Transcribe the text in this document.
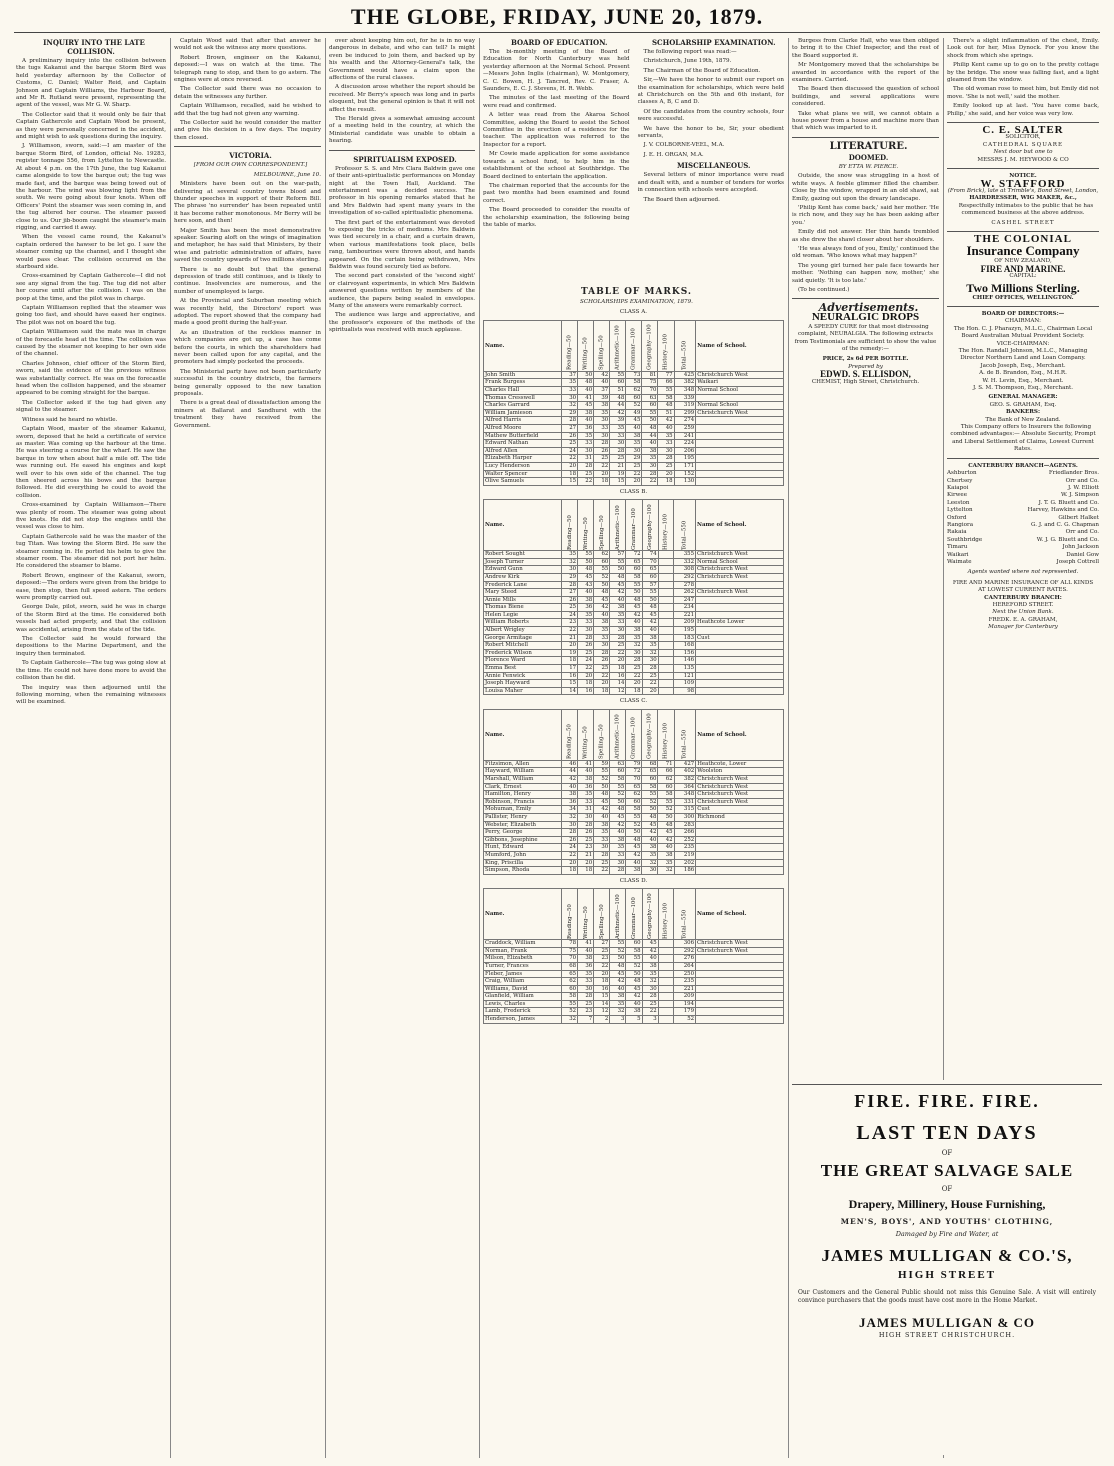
THE GLOBE, FRIDAY, JUNE 20, 1879.

INQUIRY INTO THE LATE COLLISION.

A preliminary inquiry into the collision between the tugs Kakanui and the barque Storm Bird was held yesterday afternoon by the Collector of Customs, C. Daniel; Walter Reid, and Captain Johnson and Captain Williams, the Harbour Board, and Mr R. Rutland were present, representing the agent of the vessel, was Mr G. W. Sharp.

The Collector said that it would only be fair that Captain Gathercole and Captain Wood be present, as they were personally concerned in the accident, and might wish to ask questions during the inquiry.

J. Williamson, sworn, said:—I am master of the barque Storm Bird, of London, official No. 19283, register tonnage 556, from Lyttelton to Newcastle. At about 4 p.m. on the 17th June, the tug Kakanui came alongside to tow the barque out; the tug was made fast, and the barque was being towed out of the harbour. The wind was blowing light from the south. We were going about four knots. When off Officers' Point the steamer was seen coming in, and the tug altered her course. The steamer passed close to us. Our jib-boom caught the steamer's main rigging, and carried it away.

When the vessel came round, the Kakanui's captain ordered the hawser to be let go. I saw the steamer coming up the channel, and I thought she would pass clear. The collision occurred on the starboard side.

Cross-examined by Captain Gathercole—I did not see any signal from the tug. The tug did not alter her course until after the collision. I was on the poop at the time, and the pilot was in charge.

Captain Williamson replied that the steamer was going too fast, and should have eased her engines. The pilot was not on board the tug.

Captain Williamson said the mate was in charge of the forecastle head at the time. The collision was caused by the steamer not keeping to her own side of the channel.

Charles Johnson, chief officer of the Storm Bird, sworn, said the evidence of the previous witness was substantially correct. He was on the forecastle head when the collision happened, and the steamer appeared to be coming straight for the barque.

The Collector asked if the tug had given any signal to the steamer.

Witness said he heard no whistle.

Captain Wood, master of the steamer Kakanui, sworn, deposed that he held a certificate of service as master. Was coming up the harbour at the time. He was steering a course for the wharf. He saw the barque in tow when about half a mile off. The tide was running out. He eased his engines and kept well over to his own side of the channel. The tug then sheered across his bows and the barque followed. He did everything he could to avoid the collision.

Cross-examined by Captain Williamson—There was plenty of room. The steamer was going about five knots. He did not stop the engines until the vessel was close to him.

Captain Gathercole said he was the master of the tug Titan. Was towing the Storm Bird. He saw the steamer coming in. He ported his helm to give the steamer room. The steamer did not port her helm. He considered the steamer to blame.

Robert Brown, engineer of the Kakanui, sworn, deposed:—The orders were given from the bridge to ease, then stop, then full speed astern. The orders were promptly carried out.

George Dale, pilot, sworn, said he was in charge of the Storm Bird at the time. He considered both vessels had acted properly, and that the collision was accidental, arising from the state of the tide.

The Collector said he would forward the depositions to the Marine Department, and the inquiry then terminated.

To Captain Gathercole—The tug was going slow at the time. He could not have done more to avoid the collision than he did.

The inquiry was then adjourned until the following morning, when the remaining witnesses will be examined.

Captain Wood said that after that answer he would not ask the witness any more questions.

Robert Brown, engineer on the Kakanui, deposed:—I was on watch at the time. The telegraph rang to stop, and then to go astern. The engines were at once reversed.

The Collector said there was no occasion to detain the witnesses any further.

Captain Williamson, recalled, said he wished to add that the tug had not given any warning.

The Collector said he would consider the matter and give his decision in a few days. The inquiry then closed.

VICTORIA.

[FROM OUR OWN CORRESPONDENT.]

MELBOURNE, June 10.

Ministers have been out on the war-path, delivering at several country towns blood and thunder speeches in support of their Reform Bill. The phrase 'no surrender' has been repeated until it has become rather monotonous. Mr Berry will be here soon, and then!

Major Smith has been the most demonstrative speaker. Soaring aloft on the wings of imagination and metaphor, he has said that Ministers, by their wise and patriotic administration of affairs, have saved the country upwards of two millions sterling.

There is no doubt but that the general depression of trade still continues, and is likely to continue. Insolvencies are numerous, and the number of unemployed is large.

At the Provincial and Suburban meeting which was recently held, the Directors' report was adopted. The report showed that the company had made a good profit during the half-year.

As an illustration of the reckless manner in which companies are got up, a case has come before the courts, in which the shareholders had never been called upon for any capital, and the promoters had simply pocketed the proceeds.

The Ministerial party have not been particularly successful in the country districts, the farmers being generally opposed to the new taxation proposals.

There is a great deal of dissatisfaction among the miners at Ballarat and Sandhurst with the treatment they have received from the Government.

over about keeping him out, for he is in no way dangerous in debate, and who can tell? Is might even be induced to join them, and backed up by his wealth and the Attorney-General's talk, the Government would have a claim upon the affections of the rural classes.

A discussion arose whether the report should be received. Mr Berry's speech was long and in parts eloquent, but the general opinion is that it will not affect the result.

The Herald gives a somewhat amusing account of a meeting held in the country, at which the Ministerial candidate was unable to obtain a hearing.

SPIRITUALISM EXPOSED.

Professor S. S. and Mrs Clara Baldwin gave one of their anti-spiritualistic performances on Monday night at the Town Hall, Auckland. The entertainment was a decided success. The professor in his opening remarks stated that he and Mrs Baldwin had spent many years in the investigation of so-called spiritualistic phenomena.

The first part of the entertainment was devoted to exposing the tricks of mediums. Mrs Baldwin was tied securely in a chair, and a curtain drawn, when various manifestations took place, bells rang, tambourines were thrown about, and hands appeared. On the curtain being withdrawn, Mrs Baldwin was found securely tied as before.

The second part consisted of the 'second sight' or clairvoyant experiments, in which Mrs Baldwin answered questions written by members of the audience, the papers being sealed in envelopes. Many of the answers were remarkably correct.

The audience was large and appreciative, and the professor's exposure of the methods of the spiritualists was received with much applause.

BOARD OF EDUCATION.

The bi-monthly meeting of the Board of Education for North Canterbury was held yesterday afternoon at the Normal School. Present—Messrs John Inglis (chairman), W. Montgomery, C. C. Bowen, H. J. Tancred, Rev. C. Fraser, A. Saunders, E. C. J. Stevens, H. R. Webb.

The minutes of the last meeting of the Board were read and confirmed.

A letter was read from the Akaroa School Committee, asking the Board to assist the School Committee in the erection of a residence for the teacher. The application was referred to the Inspector for a report.

Mr Cowie made application for some assistance towards a school fund, to help him in the establishment of the school at Southbridge. The Board declined to entertain the application.

The chairman reported that the accounts for the past two months had been examined and found correct.

The Board proceeded to consider the results of the scholarship examination, the following being the table of marks.

SCHOLARSHIP EXAMINATION.

The following report was read:—

Christchurch, June 19th, 1879.

The Chairman of the Board of Education.

Sir,—We have the honor to submit our report on the examination for scholarships, which were held at Christchurch on the 5th and 6th instant, for classes A, B, C and D.

Of the candidates from the country schools, four were successful.

We have the honor to be, Sir, your obedient servants,

J. V. COLBORNE-VEEL, M.A.

J. E. H. ORGAN, M.A.

MISCELLANEOUS.

Several letters of minor importance were read and dealt with, and a number of tenders for works in connection with schools were accepted.

The Board then adjourned.

TABLE OF MARKS.

SCHOLARSHIPS EXAMINATION, 1879.

CLASS A.
Name.	Reading—50	Writing—50	Spelling—50	Arithmetic—100	Grammar—100	Geography—100	History—100	Total—550	Name of School.
John Smith	37	50	42	55	73	81	77	425	Christchurch West
Frank Burgess	35	48	40	60	58	75	66	382	Waikari
Charles Hall	33	40	37	51	62	70	55	348	Normal School
Thomas Cresswell	30	41	39	48	60	63	58	339	
Charles Garrard	32	45	38	44	52	60	48	319	Normal School
William Jamieson	29	38	35	42	49	55	51	299	Christchurch West
Alfred Harris	28	40	30	39	45	50	42	274	
Alfred Moore	27	36	33	35	40	48	40	259	
Mathew Butterfield	26	35	30	33	38	44	35	241	
Edward Nathan	25	33	28	30	35	40	33	224	
Alfred Allen	24	30	26	28	30	38	30	206	
Elizabeth Harper	22	31	25	25	29	35	28	195	
Lucy Henderson	20	28	22	21	25	30	25	171	
Walter Spencer	18	25	20	19	22	28	20	152	
Olive Samuels	15	22	18	15	20	22	18	130	
CLASS B.
Name.	Reading—50	Writing—50	Spelling—50	Arithmetic—100	Grammar—100	Geography—100	History—100	Total—550	Name of School.
Robert Sought	35	55	62	57	72	74		355	Christchurch West
Joseph Turner	32	50	60	55	65	70		332	Normal School
Edward Gunn	30	48	55	50	60	65		308	Christchurch West
Andrew Kirk	29	45	52	48	58	60		292	Christchurch West
Frederick Lane	28	43	50	45	55	57		278	
Mary Steed	27	40	48	42	50	55		262	Christchurch West
Annie Mills	26	38	45	40	48	50		247	
Thomas Biene	25	36	42	38	45	48		234	
Helen Legie	24	35	40	35	42	45		221	
William Roberts	23	33	38	33	40	42		209	Heathcote Lower
Albert Wrigley	22	30	35	30	38	40		195	
George Armitage	21	28	33	28	35	38		183	Cust
Robert Mitchell	20	26	30	25	32	35		168	
Frederick Wilson	19	25	28	22	30	32		156	
Florence Ward	18	24	26	20	28	30		146	
Emma Best	17	22	25	18	25	28		135	
Annie Fenwick	16	20	22	16	22	25		121	
Joseph Hayward	15	18	20	14	20	22		109	
Louisa Maher	14	16	18	12	18	20		98	
CLASS C.
Name.	Reading—50	Writing—50	Spelling—50	Arithmetic—100	Grammar—100	Geography—100	History—100	Total—550	Name of School.
Fitzsimon, Allen	46	41	59	63	79	68	71	427	Heathcote, Lower
Hayward, William	44	40	55	60	72	65	66	402	Woolston
Marshall, William	42	38	52	58	70	60	62	382	Christchurch West
Clark, Ernest	40	36	50	55	65	58	60	364	Christchurch West
Hamilton, Henry	38	35	48	52	62	55	58	348	Christchurch West
Robinson, Francis	36	33	45	50	60	52	55	331	Christchurch West
Mohuman, Emily	34	31	42	48	58	50	52	315	Cust
Pallister, Henry	32	30	40	45	55	48	50	300	Richmond
Webster, Elizabeth	30	28	38	42	52	45	48	283	
Perry, George	28	26	35	40	50	42	45	266	
Gibbons, Josephine	26	25	33	38	48	40	42	252	
Hunt, Edward	24	23	30	35	45	38	40	235	
Mumford, John	22	21	28	33	42	35	38	219	
King, Priscilla	20	20	25	30	40	32	35	202	
Simpson, Rhoda	18	18	22	28	38	30	32	186	
CLASS D.
Name.	Reading—50	Writing—50	Spelling—50	Arithmetic—100	Grammar—100	Geography—100	History—100	Total—550	Name of School.
Craddock, William	78	41	27	55	60	45		306	Christchurch West
Norman, Frank	75	40	25	52	58	42		292	Christchurch West
Milson, Elizabeth	70	38	23	50	55	40		276	
Turner, Frances	68	36	22	48	52	38		264	
Fleber, James	65	35	20	45	50	35		250	
Craig, William	62	33	18	42	48	32		235	
Williams, David	60	30	16	40	45	30		221	
Glanfield, William	58	28	15	38	42	28		209	
Lewis, Charles	55	25	14	35	40	25		194	
Lamb, Frederick	52	23	12	32	38	22		179	
Henderson, James	32	7	2	3	5	3		52	

Burgess from Clarke Hall, who was then obliged to bring it to the Chief Inspector, and the rest of the Board supported it.

Mr Montgomery moved that the scholarships be awarded in accordance with the report of the examiners. Carried.

The Board then discussed the question of school buildings, and several applications were considered.

Take what plans we will, we cannot obtain a house power from a house and machine more than that which was imparted to it.

LITERATURE.

DOOMED.

BY ETTA W. PIERCE.

Outside, the snow was struggling in a host of white ways. A feeble glimmer filled the chamber. Close by the window, wrapped in an old shawl, sat Emily, gazing out upon the dreary landscape.

'Philip Kent has come back,' said her mother. 'He is rich now, and they say he has been asking after you.'

Emily did not answer. Her thin hands trembled as she drew the shawl closer about her shoulders.

'He was always fond of you, Emily,' continued the old woman. 'Who knows what may happen?'

The young girl turned her pale face towards her mother. 'Nothing can happen now, mother,' she said quietly. 'It is too late.'

(To be continued.)

Advertisements.

NEURALGIC DROPS

A SPEEDY CURE for that most distressing complaint, NEURALGIA. The following extracts from Testimonials are sufficient to show the value of the remedy:—

PRICE, 2s 6d PER BOTTLE.
Prepared by
EDWD. S. ELLISDON,
CHEMIST, High Street, Christchurch.

There's a slight inflammation of the chest, Emily. Look out for her, Miss Dynock. For you know the shock from which she springs.

Philip Kent came up to go on to the pretty cottage by the bridge. The snow was falling fast, and a light gleamed from the window.

The old woman rose to meet him, but Emily did not move. 'She is not well,' said the mother.

Emily looked up at last. 'You have come back, Philip,' she said, and her voice was very low.

C. E. SALTER
SOLICITOR,
CATHEDRAL SQUARE
Next door but one to
MESSRS J. M. HEYWOOD & CO
NOTICE.
W. STAFFORD
(From Brick), late at Trimble's, Bond Street, London,
HAIRDRESSER, WIG MAKER, &c.,

Respectfully intimates to the public that he has commenced business at the above address.

CASHEL STREET
THE COLONIAL
Insurance Company
OF NEW ZEALAND,
FIRE AND MARINE.
CAPITAL:
Two Millions Sterling.
CHIEF OFFICES, WELLINGTON.
BOARD OF DIRECTORS:—
CHAIRMAN:
The Hon. C. J. Pharazyn, M.L.C., Chairman Local Board Australian Mutual Provident Society.
VICE-CHAIRMAN:
The Hon. Randall Johnson, M.L.C., Managing Director Northern Land and Loan Company.
Jacob Joseph, Esq., Merchant.
A. de B. Brandon, Esq., M.H.R.
W. H. Levin, Esq., Merchant.
J. S. M. Thompson, Esq., Merchant.
GENERAL MANAGER:
GEO. S. GRAHAM, Esq.
BANKERS:
The Bank of New Zealand.

This Company offers to Insurers the following combined advantages:— Absolute Security, Prompt and Liberal Settlement of Claims, Lowest Current Rates.

CANTERBURY BRANCH—AGENTS.
Ashburton	Friedlander Bros.
Chertsey	Orr and Co.
Kaiapoi	J. W. Elliott
Kirwee	W. J. Simpson
Leeston	J. T. G. Bluett and Co.
Lyttelton	Harvey, Hawkins and Co.
Oxford	Gilbert Halket
Rangiora	G. J. and C. G. Chapman
Rakaia	Orr and Co.
Southbridge	W. J. G. Bluett and Co.
Timaru	John Jackson
Waikari	Daniel Gow
Waimate	Joseph Cottrell
Agents wanted where not represented.
FIRE AND MARINE INSURANCE OF ALL KINDS
AT LOWEST CURRENT RATES.
CANTERBURY BRANCH:
HEREFORD STREET.
Next the Union Bank.
FREDK. E. A. GRAHAM,
Manager for Canterbury
FIRE. FIRE. FIRE.
LAST TEN DAYS
OF
THE GREAT SALVAGE SALE
OF
Drapery, Millinery, House Furnishing,
MEN'S, BOYS', AND YOUTHS' CLOTHING,
Damaged by Fire and Water, at
JAMES MULLIGAN & CO.'S,
HIGH STREET

Our Customers and the General Public should not miss this Genuine Sale. A visit will entirely convince purchasers that the goods must have cost more in the Home Market.

JAMES MULLIGAN & CO
HIGH STREET CHRISTCHURCH.
